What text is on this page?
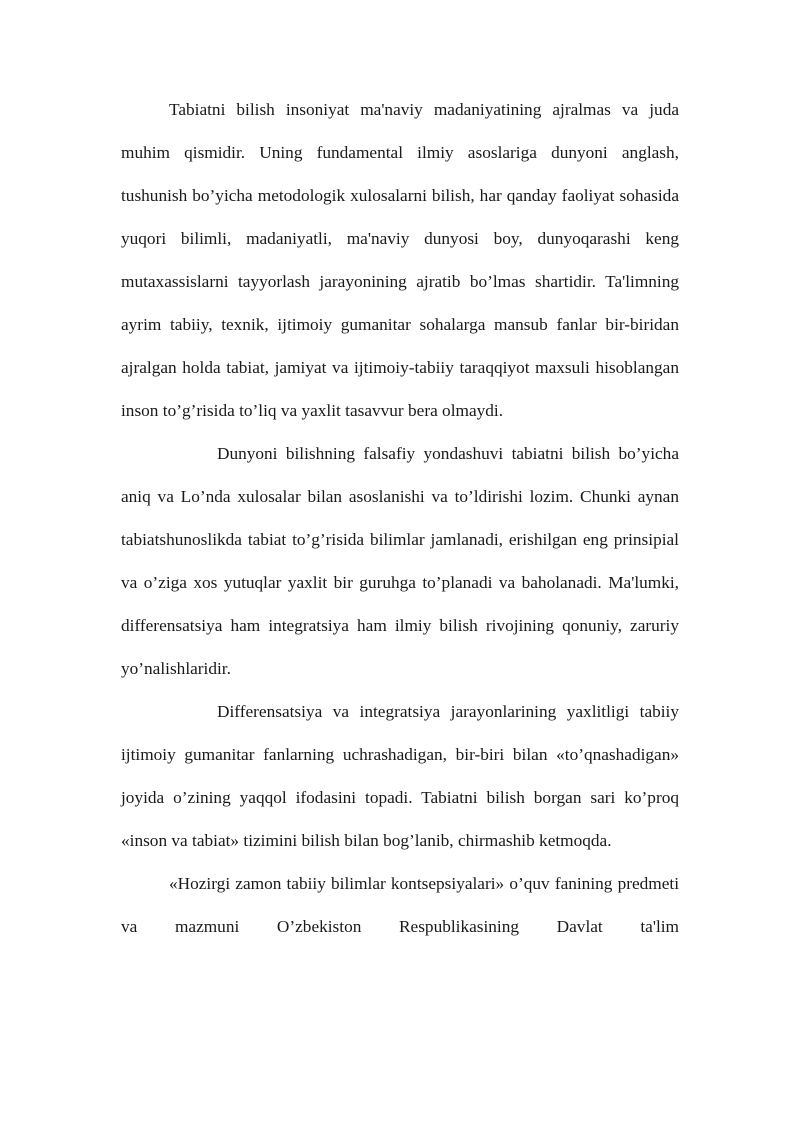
Tabiatni bilish insoniyat ma'naviy madaniyatining ajralmas va juda muhim qismidir. Uning fundamental ilmiy asoslariga dunyoni anglash, tushunish bo’yicha metodologik xulosalarni bilish, har qanday faoliyat sohasida yuqori bilimli, madaniyatli, ma'naviy dunyosi boy, dunyoqarashi keng mutaxassislarni tayyorlash jarayonining ajratib bo’lmas shartidir. Ta'limning ayrim tabiiy, texnik, ijtimoiy gumanitar sohalarga mansub fanlar bir-biridan ajralgan holda tabiat, jamiyat va ijtimoiy-tabiiy taraqqiyot maxsuli hisoblangan inson to’g’risida to’liq va yaxlit tasavvur bera olmaydi.

Dunyoni bilishning falsafiy yondashuvi tabiatni bilish bo’yicha aniq va Lo’nda xulosalar bilan asoslanishi va to’ldirishi lozim. Chunki aynan tabiatshunoslikda tabiat to’g’risida bilimlar jamlanadi, erishilgan eng prinsipial va o’ziga xos yutuqlar yaxlit bir guruhga to’planadi va baholanadi. Ma'lumki, differensatsiya ham integratsiya ham ilmiy bilish rivojining qonuniy, zaruriy yo’nalishlaridir.

Differensatsiya va integratsiya jarayonlarining yaxlitligi tabiiy ijtimoiy gumanitar fanlarning uchrashadigan, bir-biri bilan «to’qnashadigan» joyida o’zining yaqqol ifodasini topadi. Tabiatni bilish borgan sari ko’proq «inson va tabiat» tizimini bilish bilan bog’lanib, chirmashib ketmoqda.

«Hozirgi zamon tabiiy bilimlar kontsepsiyalari» o’quv fanining predmeti va mazmuni O’zbekiston Respublikasining Davlat ta'lim
